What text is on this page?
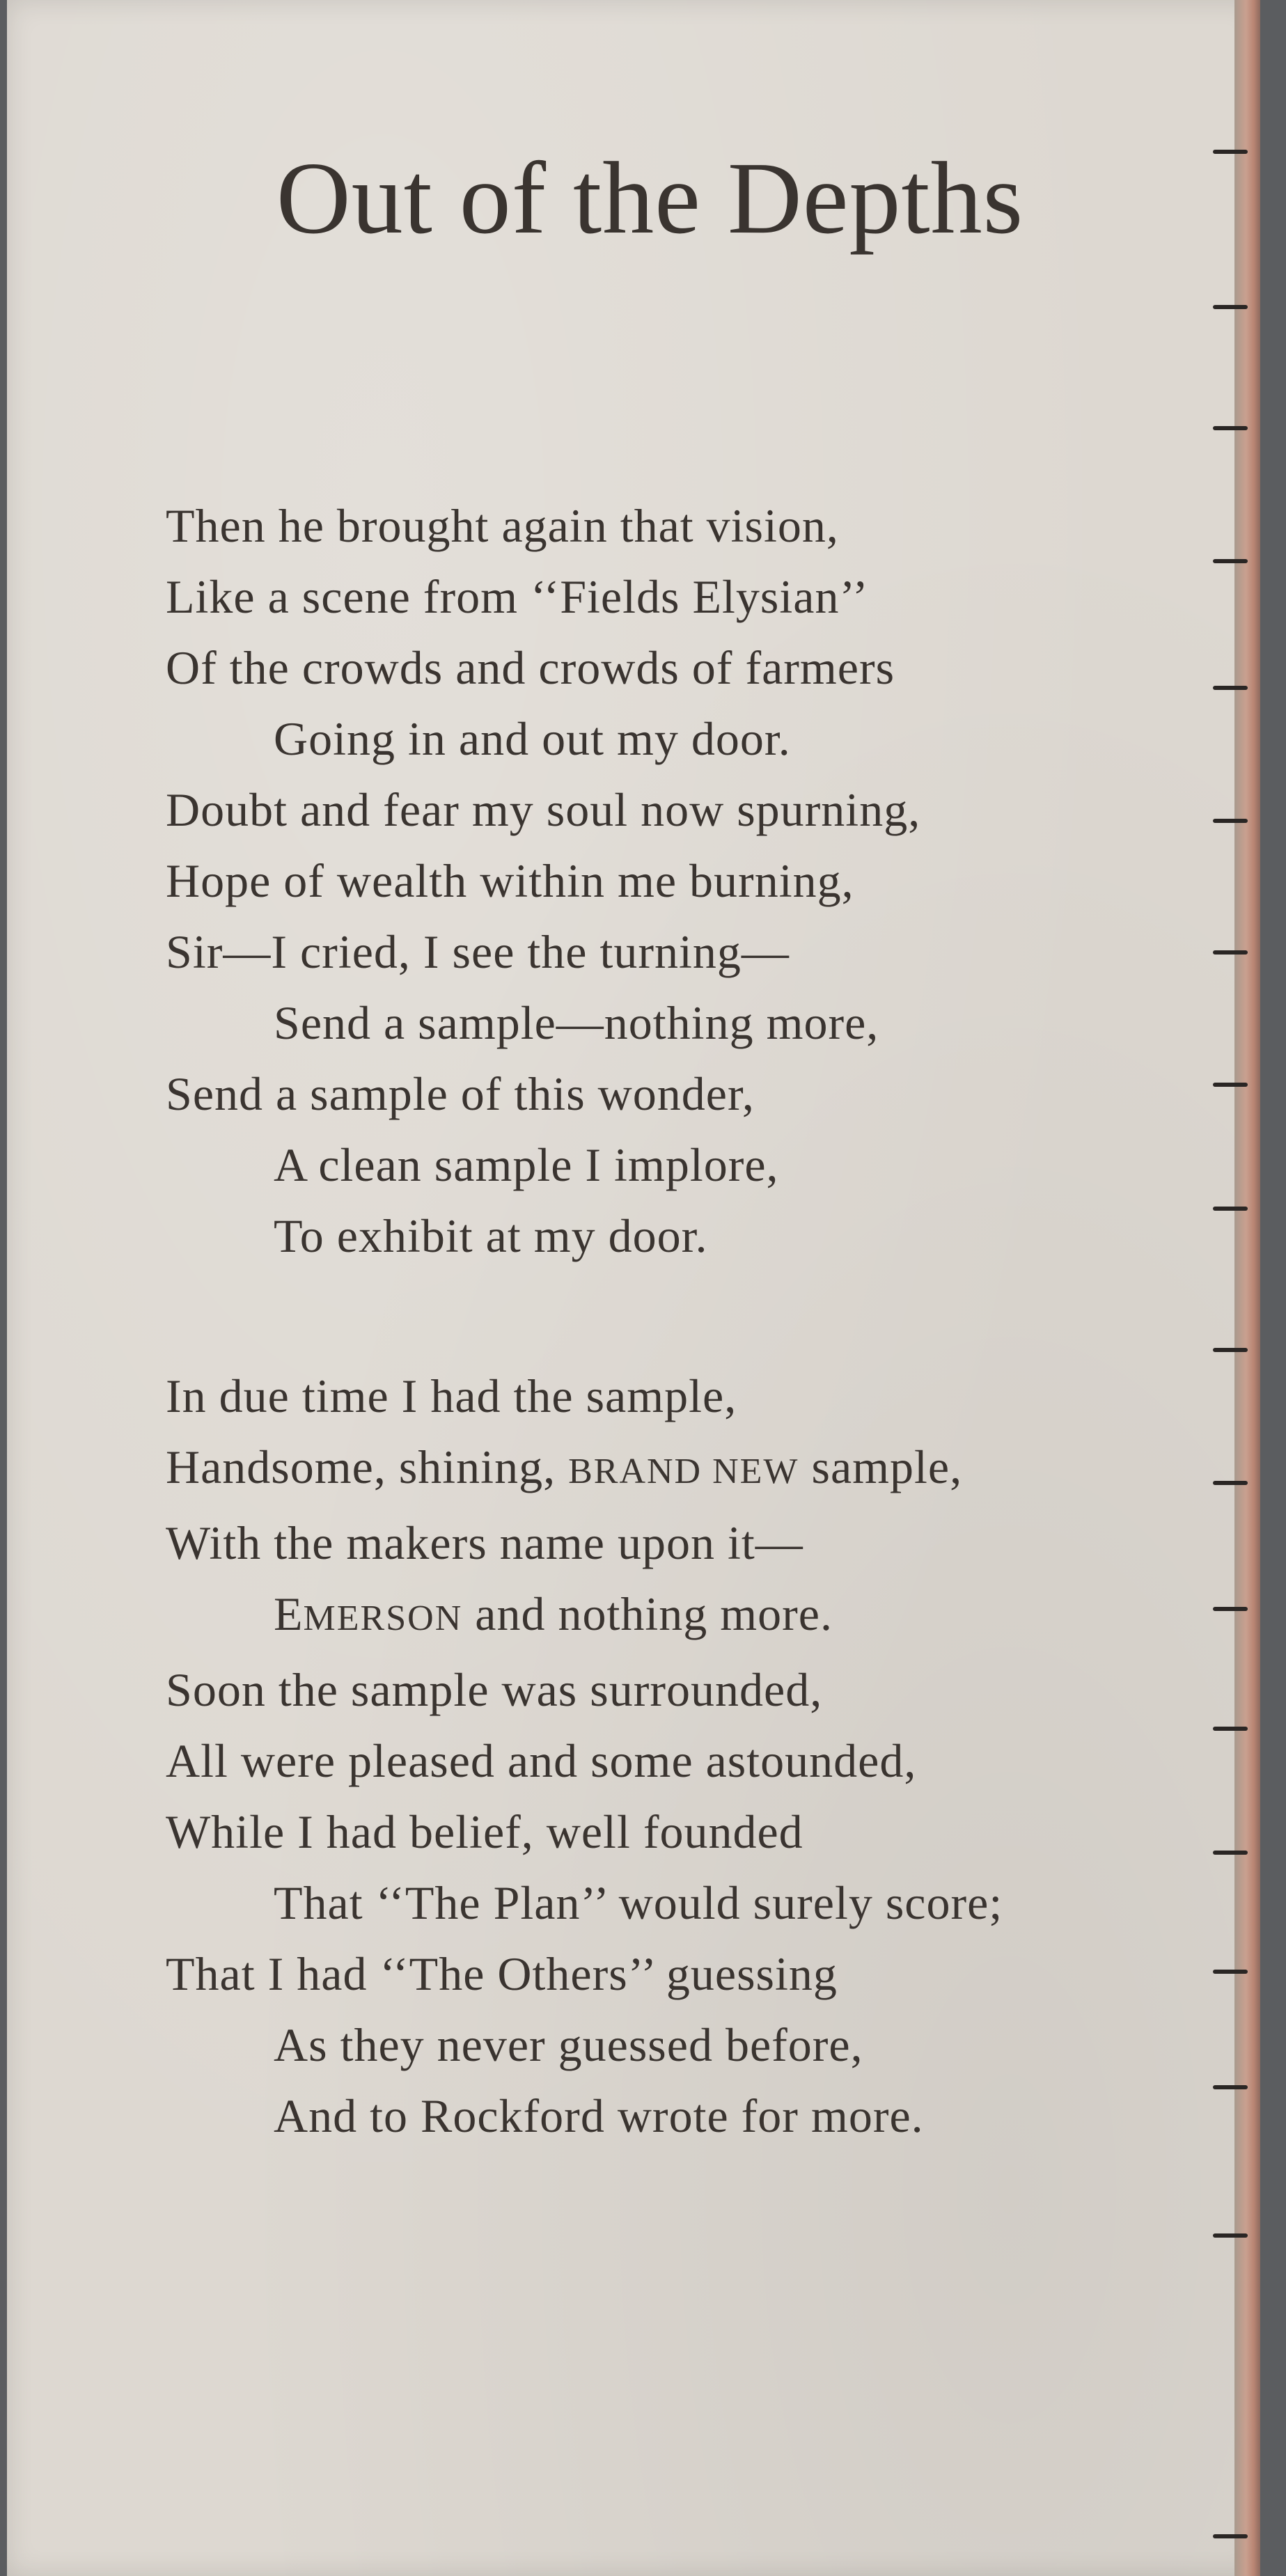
Out of the Depths
Then he brought again that vision,
Like a scene from ‘‘Fields Elysian’’
Of the crowds and crowds of farmers
Going in and out my door.
Doubt and fear my soul now spurning,
Hope of wealth within me burning,
Sir—I cried, I see the turning—
Send a sample—nothing more,
Send a sample of this wonder,
A clean sample I implore,
To exhibit at my door.
In due time I had the sample,
Handsome, shining, BRAND NEW sample,
With the makers name upon it—
EMERSON and nothing more.
Soon the sample was surrounded,
All were pleased and some astounded,
While I had belief, well founded
That ‘‘The Plan’’ would surely score;
That I had ‘‘The Others’’ guessing
As they never guessed before,
And to Rockford wrote for more.
